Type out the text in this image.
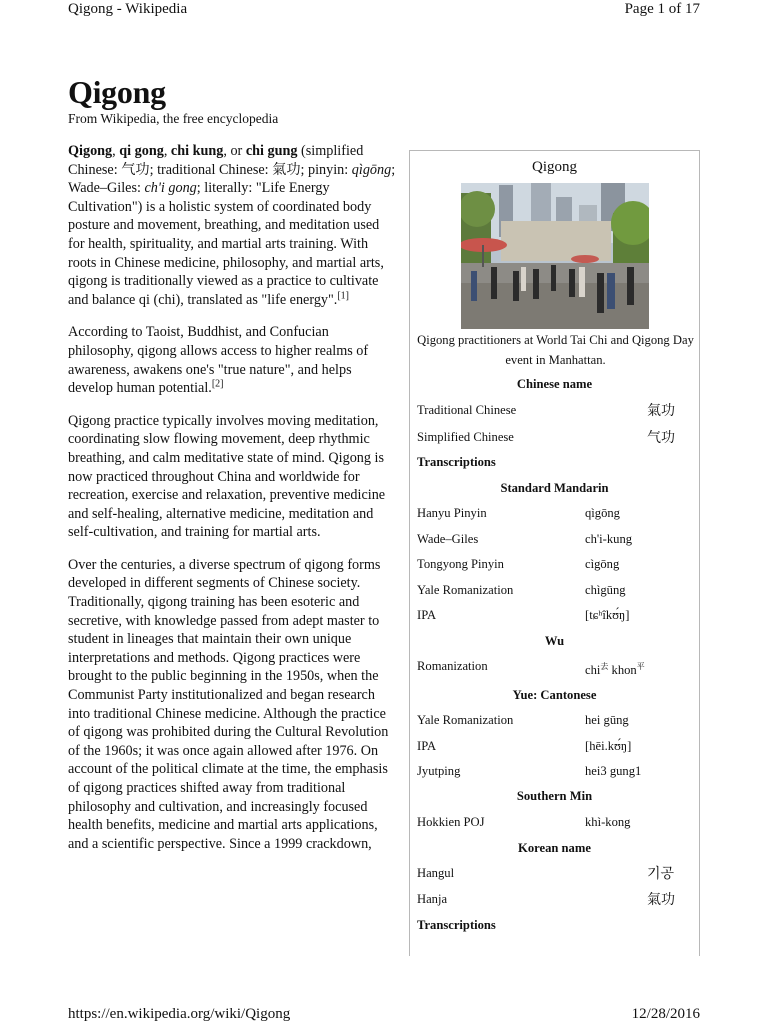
Qigong - Wikipedia	Page 1 of 17
Qigong
From Wikipedia, the free encyclopedia

Qigong, qi gong, chi kung, or chi gung (simplified Chinese: 气功; traditional Chinese: 氣功; pinyin: qìgōng; Wade–Giles: ch'i gong; literally: "Life Energy Cultivation") is a holistic system of coordinated body posture and movement, breathing, and meditation used for health, spirituality, and martial arts training. With roots in Chinese medicine, philosophy, and martial arts, qigong is traditionally viewed as a practice to cultivate and balance qi (chi), translated as "life energy".[1]

According to Taoist, Buddhist, and Confucian philosophy, qigong allows access to higher realms of awareness, awakens one's "true nature", and helps develop human potential.[2]

Qigong practice typically involves moving meditation, coordinating slow flowing movement, deep rhythmic breathing, and calm meditative state of mind. Qigong is now practiced throughout China and worldwide for recreation, exercise and relaxation, preventive medicine and self-healing, alternative medicine, meditation and self-cultivation, and training for martial arts.

Over the centuries, a diverse spectrum of qigong forms developed in different segments of Chinese society. Traditionally, qigong training has been esoteric and secretive, with knowledge passed from adept master to student in lineages that maintain their own unique interpretations and methods. Qigong practices were brought to the public beginning in the 1950s, when the Communist Party institutionalized and began research into traditional Chinese medicine. Although the practice of qigong was prohibited during the Cultural Revolution of the 1960s; it was once again allowed after 1976. On account of the political climate at the time, the emphasis of qigong practices shifted away from traditional philosophy and cultivation, and increasingly focused health benefits, medicine and martial arts applications, and a scientific perspective. Since a 1999 crackdown,

Qigong
Qigong practitioners at World Tai Chi and Qigong Day event in Manhattan.
Chinese name
Traditional Chinese	氣功
Simplified Chinese	气功
Transcriptions
Standard Mandarin
Hanyu Pinyin	qìgōng
Wade–Giles	ch'i-kung
Tongyong Pinyin	cìgōng
Yale Romanization	chìgūng
IPA	[tɕʰîkʊ́ŋ]
Wu
Romanization	chi$^去$ khon$^平$
Yue: Cantonese
Yale Romanization	hei gūng
IPA	[hēi.kʊ́ŋ]
Jyutping	hei3 gung1
Southern Min
Hokkien POJ	khì-kong
Korean name
Hangul	기공
Hanja	氣功
Transcriptions
https://en.wikipedia.org/wiki/Qigong	12/28/2016
